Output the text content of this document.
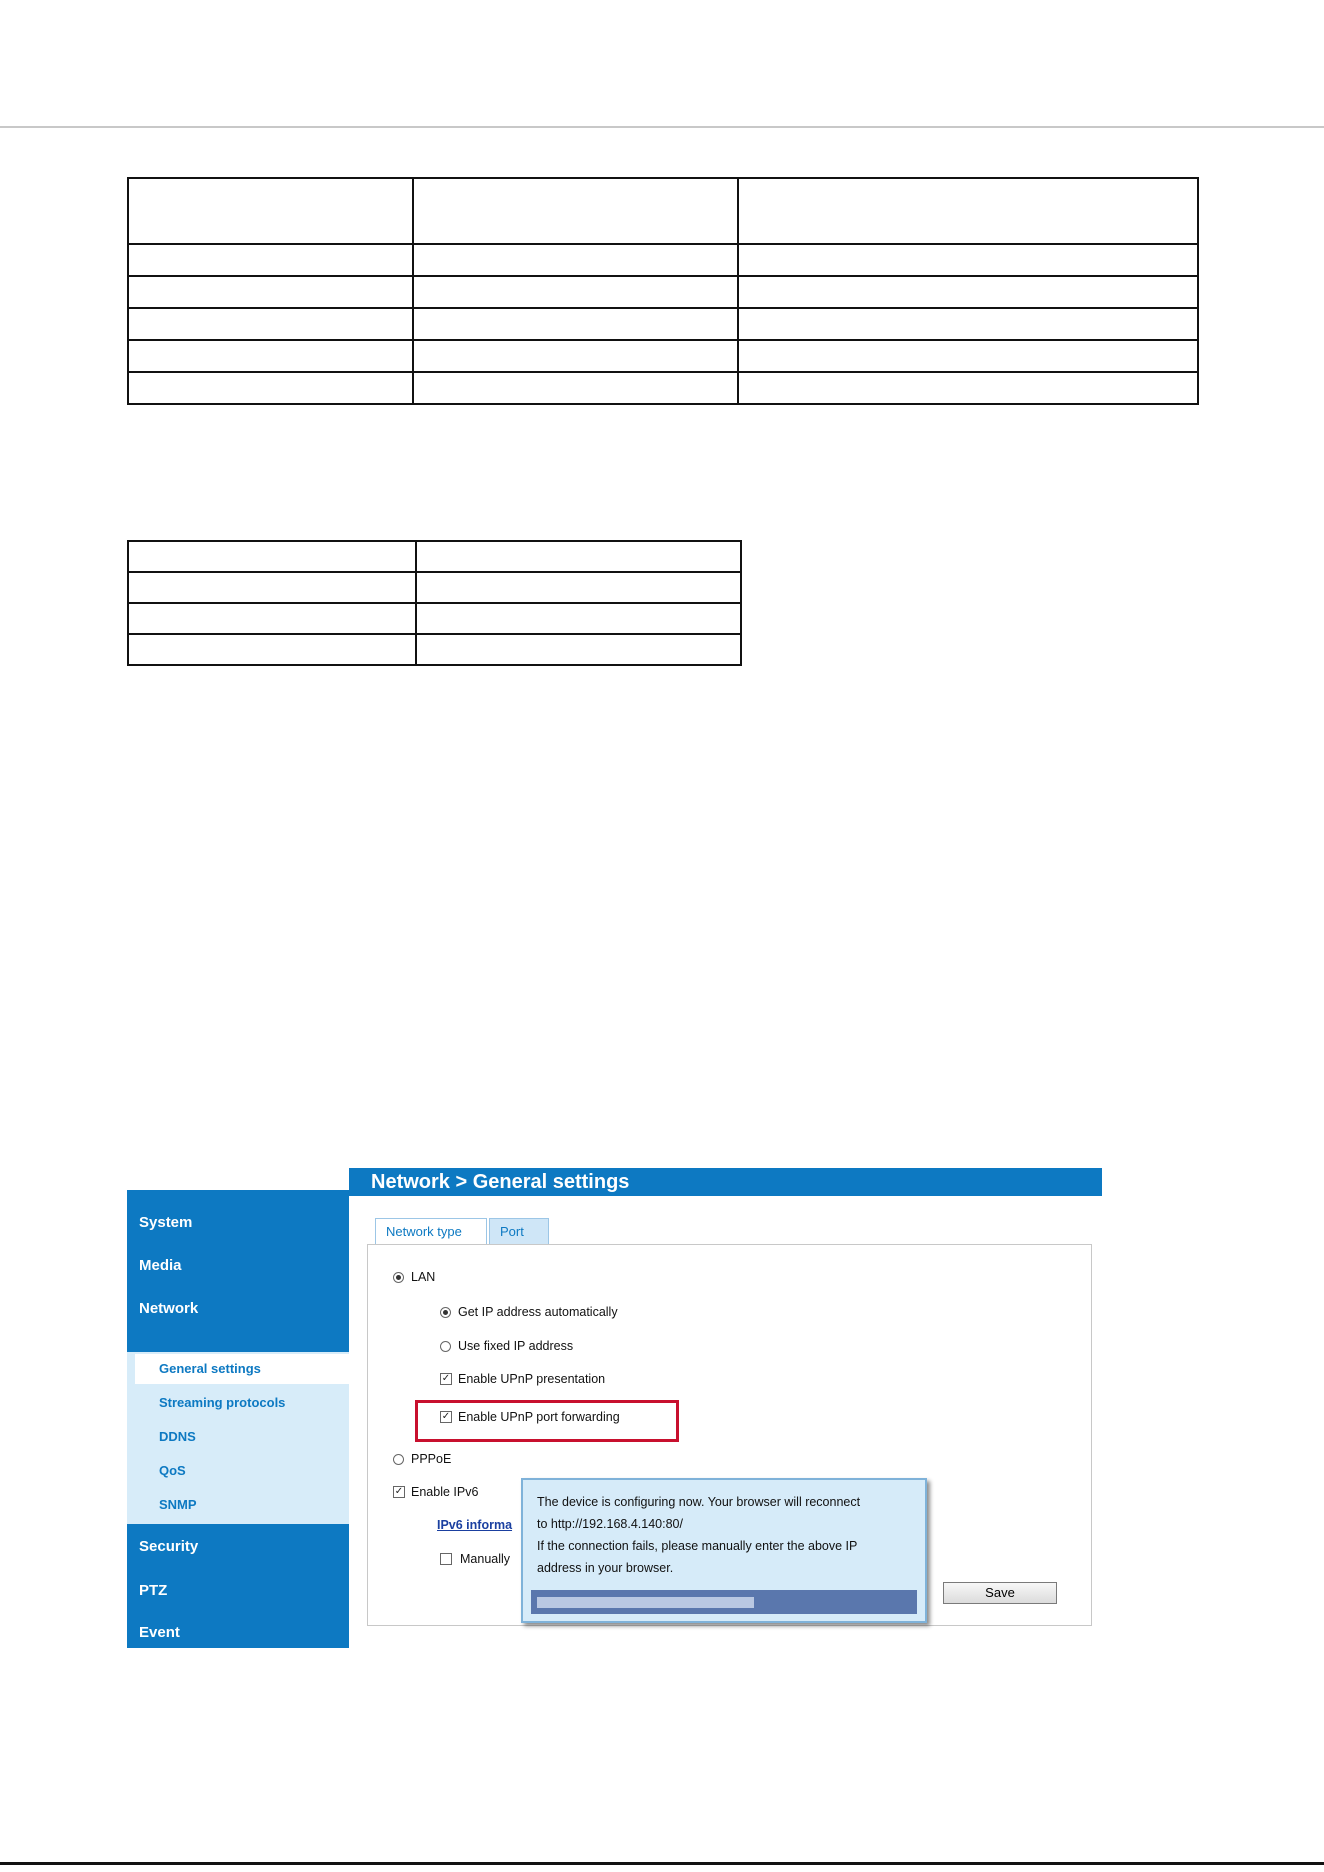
Network > General settings
System
Media
Network
General settings
Streaming protocols
DDNS
QoS
SNMP
Security
PTZ
Event
Network type	Port
LAN
Get IP address automatically
Use fixed IP address
✓ Enable UPnP presentation
✓ Enable UPnP port forwarding
PPPoE
✓ Enable IPv6
IPv6 informa
Manually
Save
The device is configuring now. Your browser will reconnect
to http://192.168.4.140:80/
If the connection fails, please manually enter the above IP
address in your browser.
